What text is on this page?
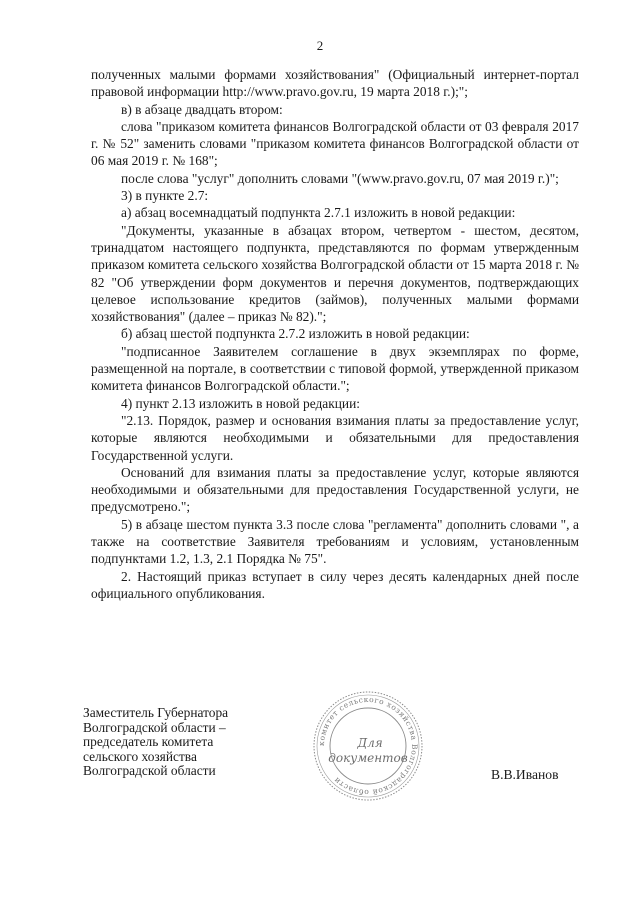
2

полученных малыми формами хозяйствования" (Официальный интернет-портал правовой информации http://www.pravo.gov.ru, 19 марта 2018 г.);";

в) в абзаце двадцать втором:

слова "приказом комитета финансов Волгоградской области от 03 февраля 2017 г. № 52" заменить словами "приказом комитета финансов Волгоградской области от 06 мая 2019 г. № 168";

после слова "услуг" дополнить словами "(www.pravo.gov.ru, 07 мая 2019 г.)";

3) в пункте 2.7:

а) абзац восемнадцатый подпункта 2.7.1 изложить в новой редакции:

"Документы, указанные в абзацах втором, четвертом - шестом, десятом, тринадцатом настоящего подпункта, представляются по формам утвержденным приказом комитета сельского хозяйства Волгоградской области от 15 марта 2018 г. № 82 "Об утверждении форм документов и перечня документов, подтверждающих целевое использование кредитов (займов), полученных малыми формами хозяйствования" (далее – приказ № 82).";

б) абзац шестой подпункта 2.7.2 изложить в новой редакции:

"подписанное Заявителем соглашение в двух экземплярах по форме, размещенной на портале, в соответствии с типовой формой, утвержденной приказом комитета финансов Волгоградской области.";

4) пункт 2.13 изложить в новой редакции:

"2.13. Порядок, размер и основания взимания платы за предоставление услуг, которые являются необходимыми и обязательными для предоставления Государственной услуги.

Оснований для взимания платы за предоставление услуг, которые являются необходимыми и обязательными для предоставления Государственной услуги, не предусмотрено.";

5) в абзаце шестом пункта 3.3 после слова "регламента" дополнить словами ", а также на соответствие Заявителя требованиям и условиям, установленным подпунктами 1.2, 1.3, 2.1 Порядка № 75".

2. Настоящий приказ вступает в силу через десять календарных дней после официального опубликования.

Заместитель Губернатора
Волгоградской области –
председатель комитета
сельского хозяйства
Волгоградской области
комитет сельского хозяйства Волгоградской области
Для
документов
В.В.Иванов
